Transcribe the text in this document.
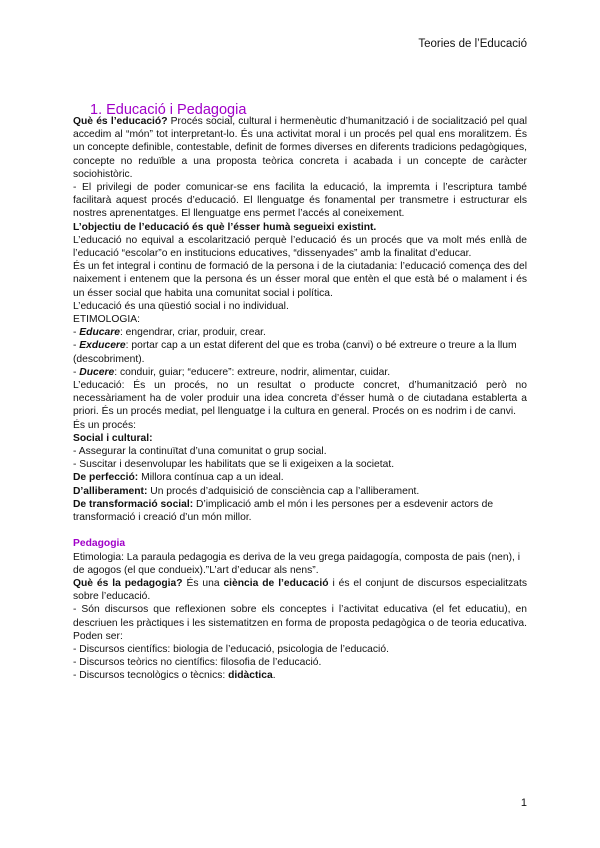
Teories de l’Educació
1. Educació i Pedagogia

Què és l’educació? Procés social, cultural i hermenèutic d’humanització i de socialització pel qual accedim al “món” tot interpretant-lo. És una activitat moral i un procés pel qual ens moralitzem. És un concepte definible, contestable, definit de formes diverses en diferents tradicions pedagògiques, concepte no reduïble a una proposta teòrica concreta i acabada i un concepte de caràcter sociohistòric.

- El privilegi de poder comunicar-se ens facilita la educació, la impremta i l’escriptura també facilitarà aquest procés d’educació. El llenguatge és fonamental per transmetre i estructurar els nostres aprenentatges. El llenguatge ens permet l’accés al coneixement.

L’objectiu de l’educació és què l’ésser humà segueixi existint.

L’educació no equival a escolarització perquè l’educació és un procés que va molt més enllà de l’educació “escolar”o en institucions educatives, “dissenyades” amb la finalitat d’educar.

És un fet integral i continu de formació de la persona i de la ciutadania: l’educació comença des del naixement i entenem que la persona és un ésser moral que entèn el que està bé o malament i és un ésser social que habita una comunitat social i política.

L’educació és una qüestió social i no individual.

ETIMOLOGIA:

- Educare: engendrar, criar, produir, crear.

- Exducere: portar cap a un estat diferent del que es troba (canvi) o bé extreure o treure a la llum (descobriment).

- Ducere: conduir, guiar; “educere”: extreure, nodrir, alimentar, cuidar.

L’educació: És un procés, no un resultat o producte concret, d’humanització però no necessàriament ha de voler produir una idea concreta d’ésser humà o de ciutadana establerta a priori. És un procés mediat, pel llenguatge i la cultura en general. Procés on es nodrim i de canvi.

És un procés:

Social i cultural:

- Assegurar la continuïtat d’una comunitat o grup social.

- Suscitar i desenvolupar les habilitats que se li exigeixen a la societat.

De perfecció: Millora contínua cap a un ideal.

D’alliberament: Un procés d’adquisició de consciència cap a l’alliberament.

De transformació social: D’implicació amb el món i les persones per a esdevenir actors de transformació i creació d’un món millor.

Pedagogia

Etimologia: La paraula pedagogia es deriva de la veu grega paidagogía, composta de pais (nen), i de agogos (el que condueix).”L’art d’educar als nens”.

Què és la pedagogia? És una ciència de l’educació i és el conjunt de discursos especialitzats sobre l’educació.

- Són discursos que reflexionen sobre els conceptes i l’activitat educativa (el fet educatiu), en descriuen les pràctiques i les sistematitzen en forma de proposta pedagògica o de teoria educativa. Poden ser:

- Discursos científics: biologia de l’educació, psicologia de l’educació.

- Discursos teòrics no científics: filosofia de l’educació.

- Discursos tecnològics o tècnics: didàctica.

1
